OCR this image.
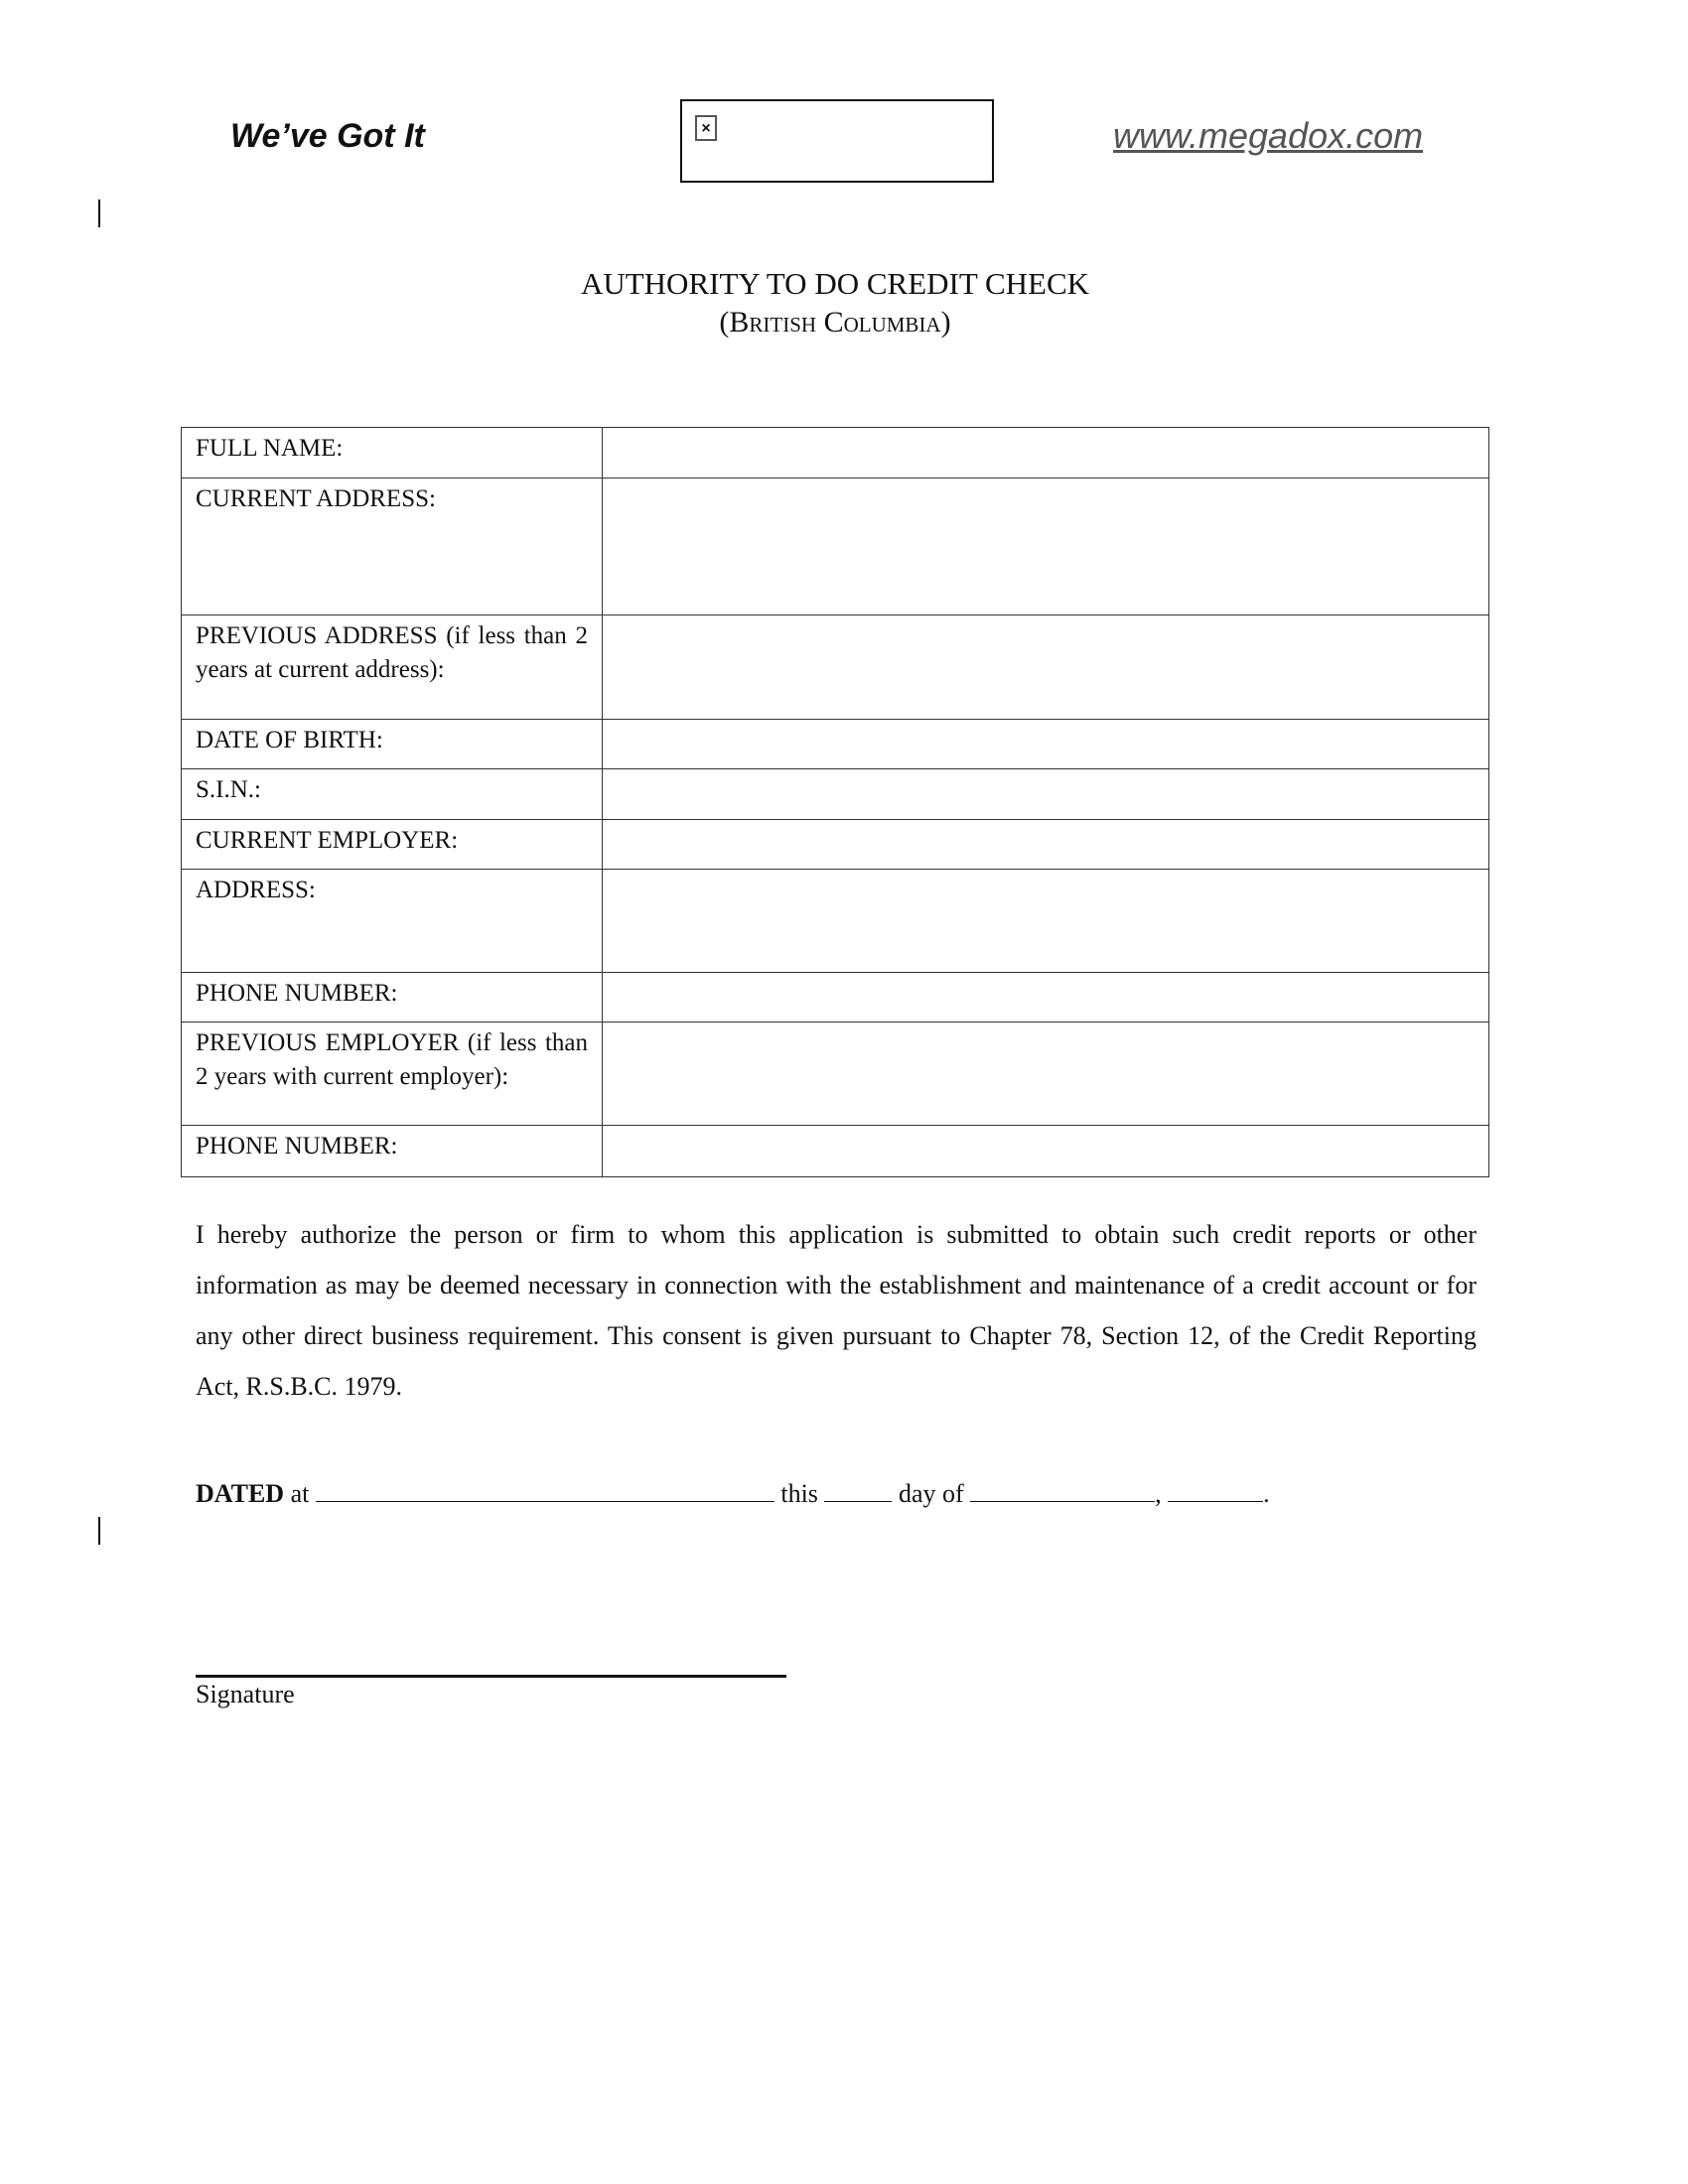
We’ve Got It	×	www.megadox.com
AUTHORITY TO DO CREDIT CHECK
(British Columbia)
FULL NAME:	
CURRENT ADDRESS:	
PREVIOUS ADDRESS (if less than 2 years at current address):	
DATE OF BIRTH:	
S.I.N.:	
CURRENT EMPLOYER:	
ADDRESS:	
PHONE NUMBER:	
PREVIOUS EMPLOYER (if less than 2 years with current employer):	
PHONE NUMBER:	
I hereby authorize the person or firm to whom this application is submitted to obtain such credit reports or other information as may be deemed necessary in connection with the establishment and maintenance of a credit account or for any other direct business requirement. This consent is given pursuant to Chapter 78, Section 12, of the Credit Reporting Act, R.S.B.C. 1979.
DATED at	this	day of	,	.
Signature
